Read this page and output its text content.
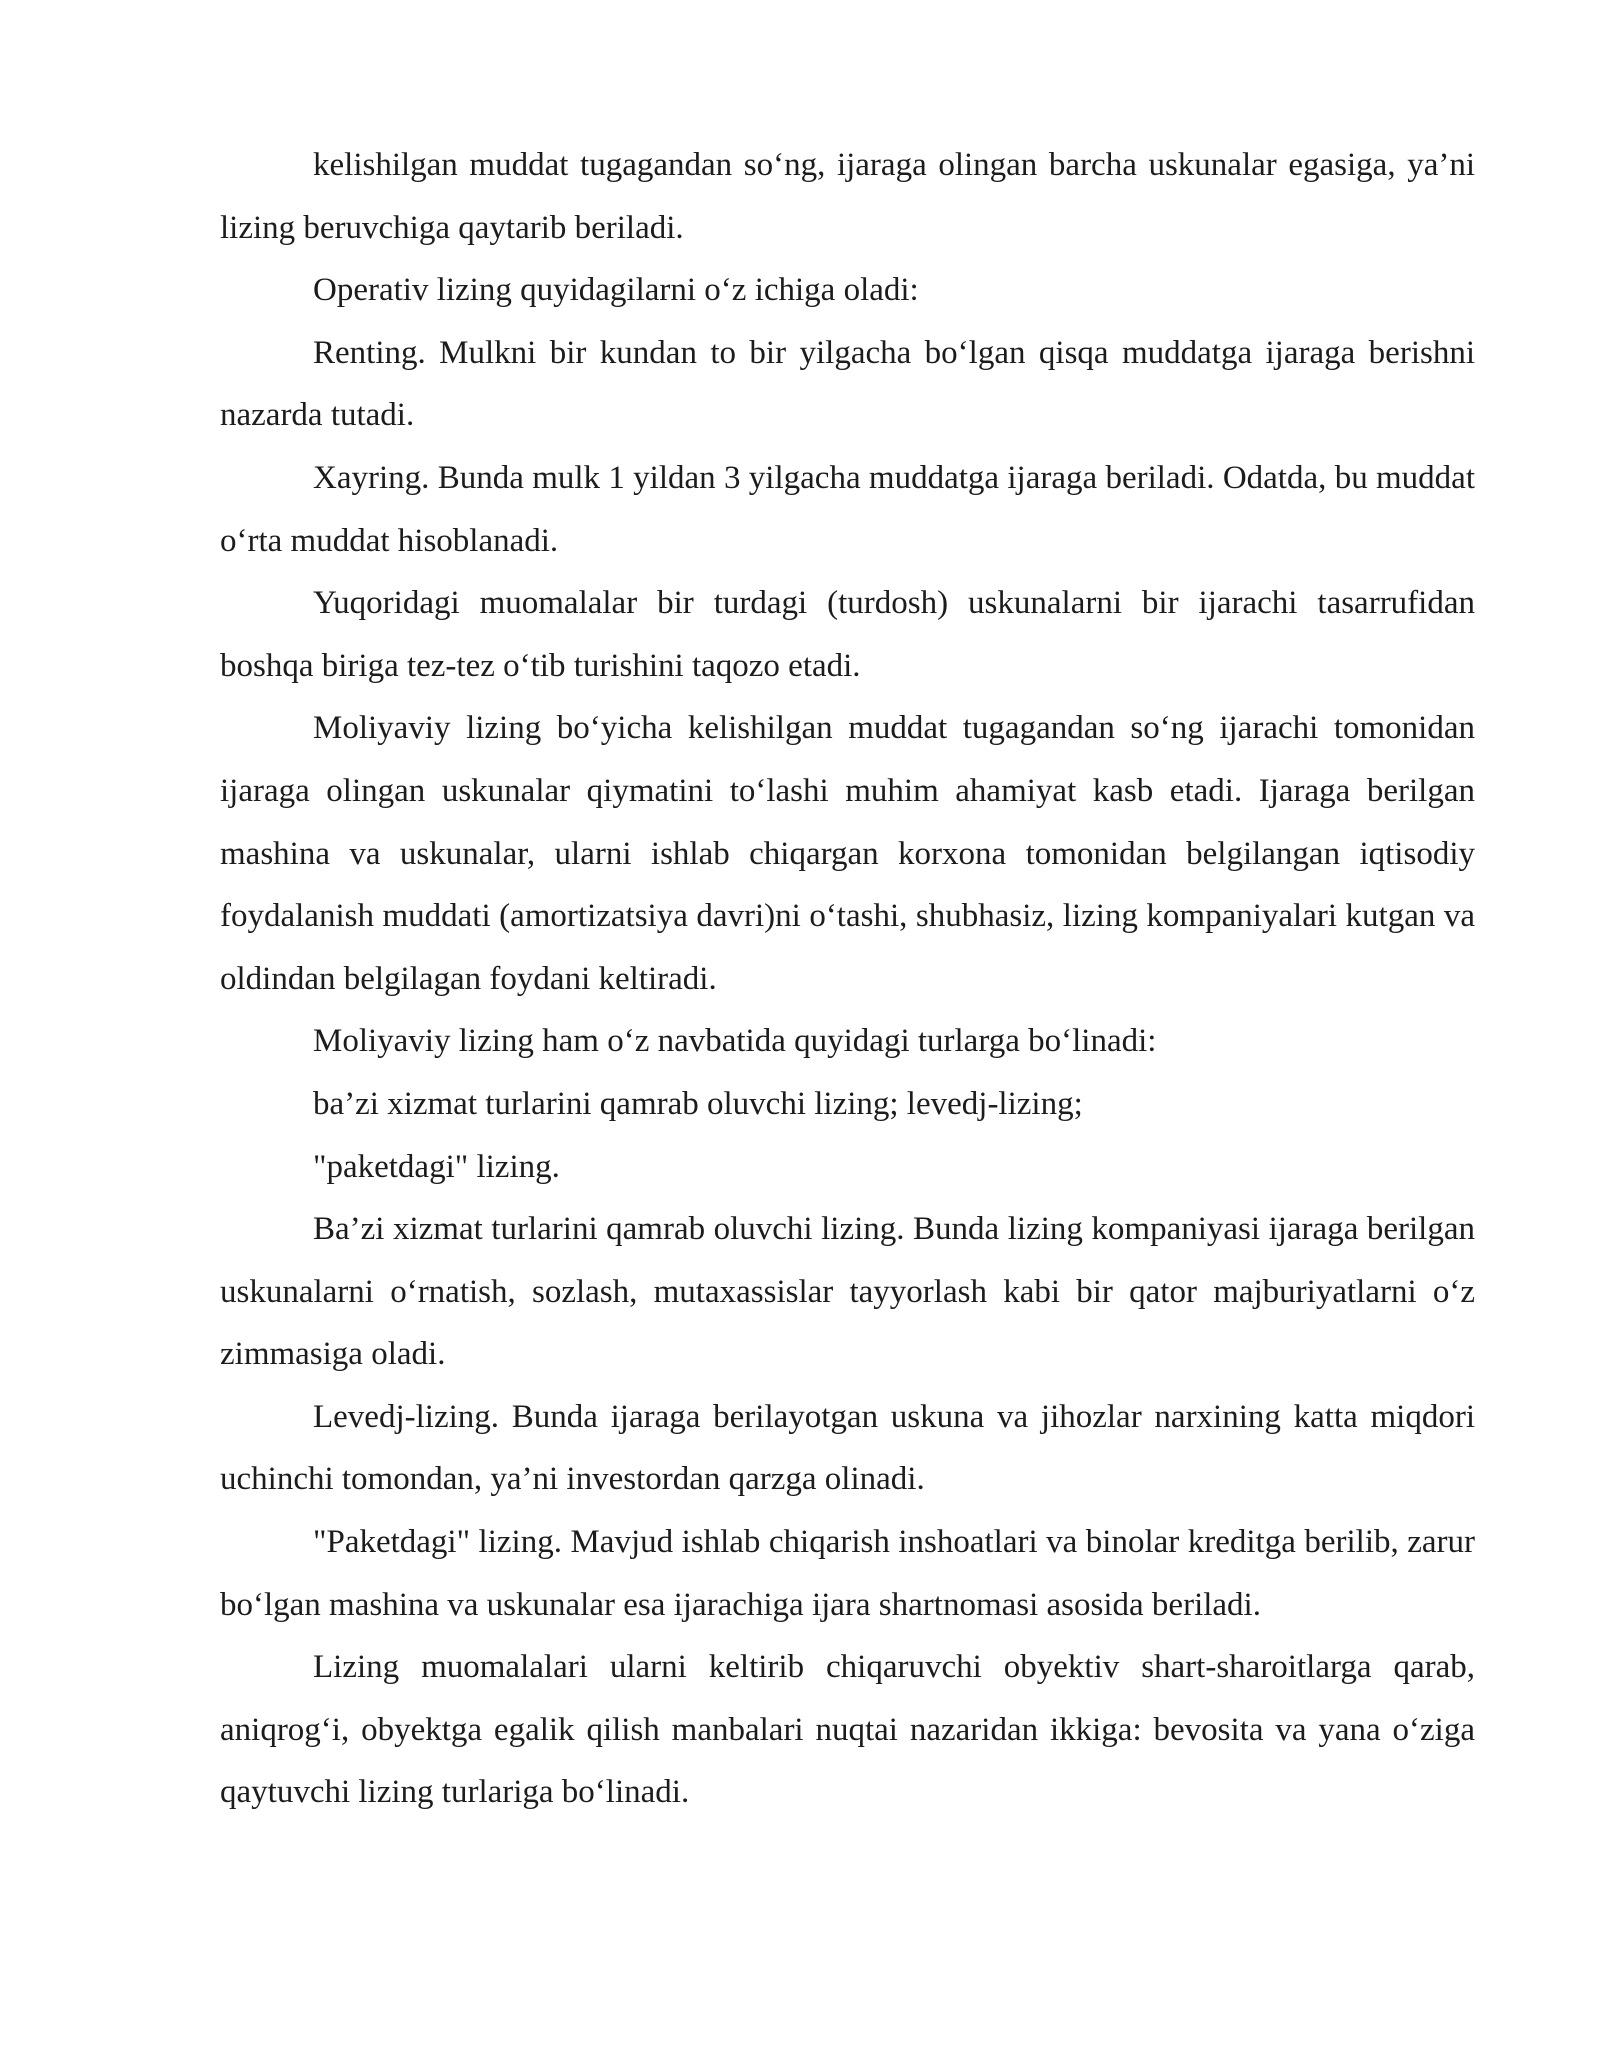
kelishilgan muddat tugagandan so‘ng, ijaraga olingan barcha uskunalar egasiga, ya’ni lizing beruvchiga qaytarib beriladi.

Operativ lizing quyidagilarni o‘z ichiga oladi:

Renting. Mulkni bir kundan to bir yilgacha bo‘lgan qisqa muddatga ijaraga berishni nazarda tutadi.

Xayring. Bunda mulk 1 yildan 3 yilgacha muddatga ijaraga beriladi. Odatda, bu muddat o‘rta muddat hisoblanadi.

Yuqoridagi muomalalar bir turdagi (turdosh) uskunalarni bir ijarachi tasarrufidan boshqa biriga tez-tez o‘tib turishini taqozo etadi.

Moliyaviy lizing bo‘yicha kelishilgan muddat tugagandan so‘ng ijarachi tomonidan ijaraga olingan uskunalar qiymatini to‘lashi muhim ahamiyat kasb etadi. Ijaraga berilgan mashina va uskunalar, ularni ishlab chiqargan korxona tomonidan belgilangan iqtisodiy foydalanish muddati (amortizatsiya davri)ni o‘tashi, shubhasiz, lizing kompaniyalari kutgan va oldindan belgilagan foydani keltiradi.

Moliyaviy lizing ham o‘z navbatida quyidagi turlarga bo‘linadi:

ba’zi xizmat turlarini qamrab oluvchi lizing; levedj-lizing;

"paketdagi" lizing.

Ba’zi xizmat turlarini qamrab oluvchi lizing. Bunda lizing kompaniyasi ijaraga berilgan uskunalarni o‘rnatish, sozlash, mutaxassislar tayyorlash kabi bir qator majburiyatlarni o‘z zimmasiga oladi.

Levedj-lizing. Bunda ijaraga berilayotgan uskuna va jihozlar narxining katta miqdori uchinchi tomondan, ya’ni investordan qarzga olinadi.

"Paketdagi" lizing. Mavjud ishlab chiqarish inshoatlari va binolar kreditga berilib, zarur bo‘lgan mashina va uskunalar esa ijarachiga ijara shartnomasi asosida beriladi.

Lizing muomalalari ularni keltirib chiqaruvchi obyektiv shart-sharoitlarga qarab, aniqrog‘i, obyektga egalik qilish manbalari nuqtai nazaridan ikkiga: bevosita va yana o‘ziga qaytuvchi lizing turlariga bo‘linadi.
